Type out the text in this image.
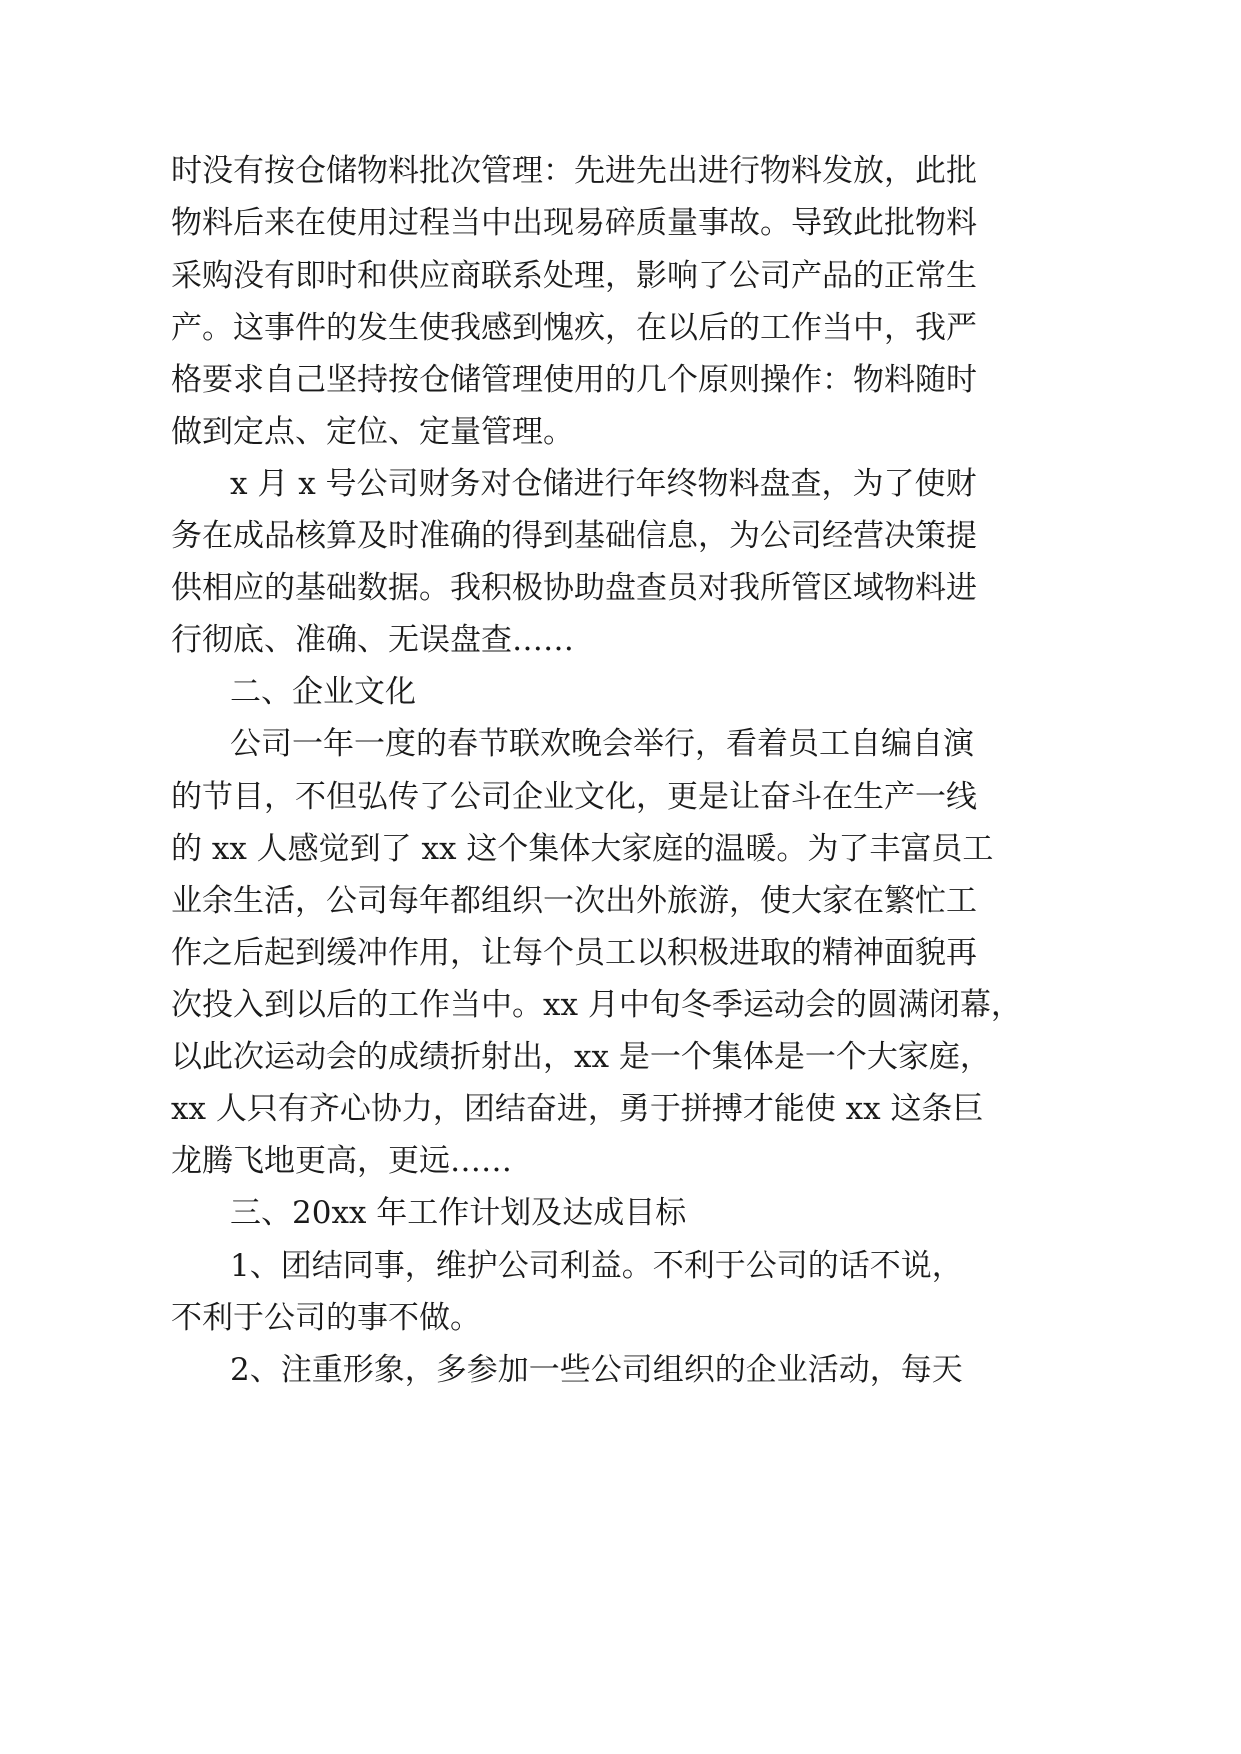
时没有按仓储物料批次管理：先进先出进行物料发放，此批
物料后来在使用过程当中出现易碎质量事故。导致此批物料
采购没有即时和供应商联系处理，影响了公司产品的正常生
产。这事件的发生使我感到愧疚，在以后的工作当中，我严
格要求自己坚持按仓储管理使用的几个原则操作：物料随时
做到定点、定位、定量管理。
x 月 x 号公司财务对仓储进行年终物料盘查，为了使财
务在成品核算及时准确的得到基础信息，为公司经营决策提
供相应的基础数据。我积极协助盘查员对我所管区域物料进
行彻底、准确、无误盘查……
二、企业文化
公司一年一度的春节联欢晚会举行，看着员工自编自演
的节目，不但弘传了公司企业文化，更是让奋斗在生产一线
的 xx 人感觉到了 xx 这个集体大家庭的温暖。为了丰富员工
业余生活，公司每年都组织一次出外旅游，使大家在繁忙工
作之后起到缓冲作用，让每个员工以积极进取的精神面貌再
次投入到以后的工作当中。xx 月中旬冬季运动会的圆满闭幕，
以此次运动会的成绩折射出，xx 是一个集体是一个大家庭，
xx 人只有齐心协力，团结奋进，勇于拼搏才能使 xx 这条巨
龙腾飞地更高，更远……
三、20xx 年工作计划及达成目标
1、团结同事，维护公司利益。不利于公司的话不说，
不利于公司的事不做。
2、注重形象，多参加一些公司组织的企业活动，每天
